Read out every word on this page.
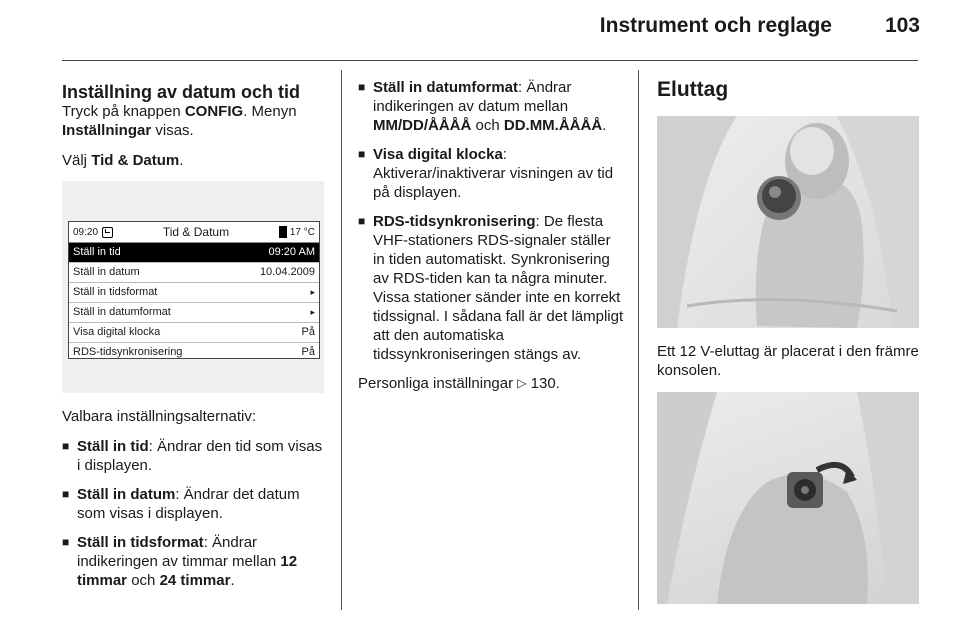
Instrument och reglage	103
Inställning av datum och tid

Tryck på knappen CONFIG. Menyn Inställningar visas.

Välj Tid & Datum.

09:20	Tid & Datum	17 °C
Ställ in tid	09:20 AM
Ställ in datum	10.04.2009
Ställ in tidsformat	▸
Ställ in datumformat	▸
Visa digital klocka	På
RDS-tidsynkronisering	På

Valbara inställningsalternativ:

■ Ställ in tid: Ändrar den tid som visas i displayen.
■ Ställ in datum: Ändrar det datum som visas i displayen.
■ Ställ in tidsformat: Ändrar indikeringen av timmar mellan 12 timmar och 24 timmar.
■ Ställ in datumformat: Ändrar indikeringen av datum mellan MM/DD/ÅÅÅÅ och DD.MM.ÅÅÅÅ.
■ Visa digital klocka: Aktiverar/inaktiverar visningen av tid på displayen.
■ RDS-tidsynkronisering: De flesta VHF-stationers RDS-signaler ställer in tiden automatiskt. Synkronisering av RDS-tiden kan ta några minuter. Vissa stationer sänder inte en korrekt tidssignal. I sådana fall är det lämpligt att den automatiska tidssynkroniseringen stängs av.

Personliga inställningar ▷ 130.

Eluttag

Ett 12 V-eluttag är placerat i den främre konsolen.
